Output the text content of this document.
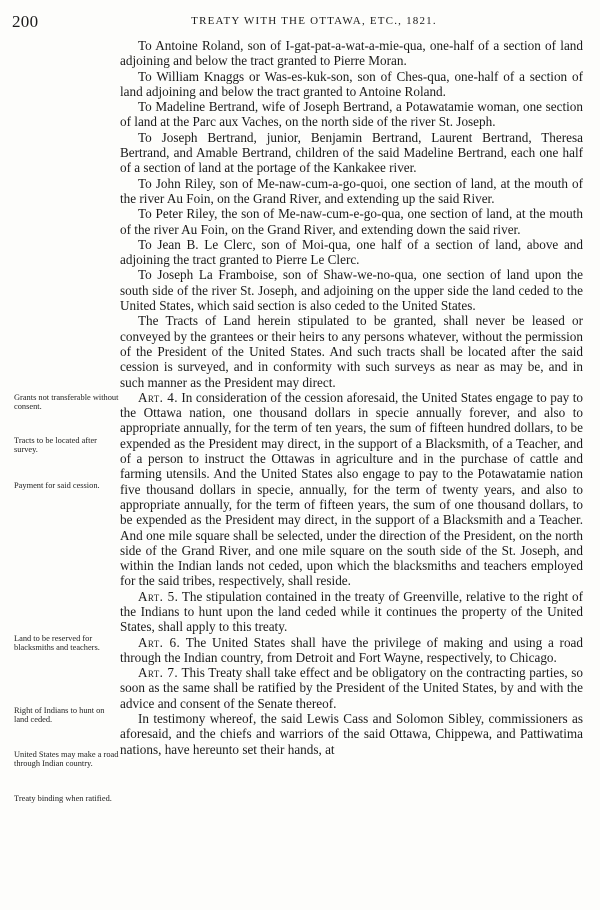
200	TREATY WITH THE OTTAWA, ETC., 1821.
Grants not transferable without consent.
Tracts to be located after survey.
Payment for said cession.
Land to be reserved for blacksmiths and teachers.
Right of Indians to hunt on land ceded.
United States may make a road through Indian country.
Treaty binding when ratified.

To Antoine Roland, son of I-gat-pat-a-wat-a-mie-qua, one-half of a section of land adjoining and below the tract granted to Pierre Moran.

To William Knaggs or Was-es-kuk-son, son of Ches-qua, one-half of a section of land adjoining and below the tract granted to Antoine Roland.

To Madeline Bertrand, wife of Joseph Bertrand, a Potawatamie woman, one section of land at the Parc aux Vaches, on the north side of the river St. Joseph.

To Joseph Bertrand, junior, Benjamin Bertrand, Laurent Bertrand, Theresa Bertrand, and Amable Bertrand, children of the said Madeline Bertrand, each one half of a section of land at the portage of the Kankakee river.

To John Riley, son of Me-naw-cum-a-go-quoi, one section of land, at the mouth of the river Au Foin, on the Grand River, and extending up the said River.

To Peter Riley, the son of Me-naw-cum-e-go-qua, one section of land, at the mouth of the river Au Foin, on the Grand River, and extending down the said river.

To Jean B. Le Clerc, son of Moi-qua, one half of a section of land, above and adjoining the tract granted to Pierre Le Clerc.

To Joseph La Framboise, son of Shaw-we-no-qua, one section of land upon the south side of the river St. Joseph, and adjoining on the upper side the land ceded to the United States, which said section is also ceded to the United States.

The Tracts of Land herein stipulated to be granted, shall never be leased or conveyed by the grantees or their heirs to any persons whatever, without the permission of the President of the United States. And such tracts shall be located after the said cession is surveyed, and in conformity with such surveys as near as may be, and in such manner as the President may direct.

Art. 4. In consideration of the cession aforesaid, the United States engage to pay to the Ottawa nation, one thousand dollars in specie annually forever, and also to appropriate annually, for the term of ten years, the sum of fifteen hundred dollars, to be expended as the President may direct, in the support of a Blacksmith, of a Teacher, and of a person to instruct the Ottawas in agriculture and in the purchase of cattle and farming utensils. And the United States also engage to pay to the Potawatamie nation five thousand dollars in specie, annually, for the term of twenty years, and also to appropriate annually, for the term of fifteen years, the sum of one thousand dollars, to be expended as the President may direct, in the support of a Blacksmith and a Teacher. And one mile square shall be selected, under the direction of the President, on the north side of the Grand River, and one mile square on the south side of the St. Joseph, and within the Indian lands not ceded, upon which the blacksmiths and teachers employed for the said tribes, respectively, shall reside.

Art. 5. The stipulation contained in the treaty of Greenville, relative to the right of the Indians to hunt upon the land ceded while it continues the property of the United States, shall apply to this treaty.

Art. 6. The United States shall have the privilege of making and using a road through the Indian country, from Detroit and Fort Wayne, respectively, to Chicago.

Art. 7. This Treaty shall take effect and be obligatory on the contracting parties, so soon as the same shall be ratified by the President of the United States, by and with the advice and consent of the Senate thereof.

In testimony whereof, the said Lewis Cass and Solomon Sibley, commissioners as aforesaid, and the chiefs and warriors of the said Ottawa, Chippewa, and Pattiwatima nations, have hereunto set their hands, at
